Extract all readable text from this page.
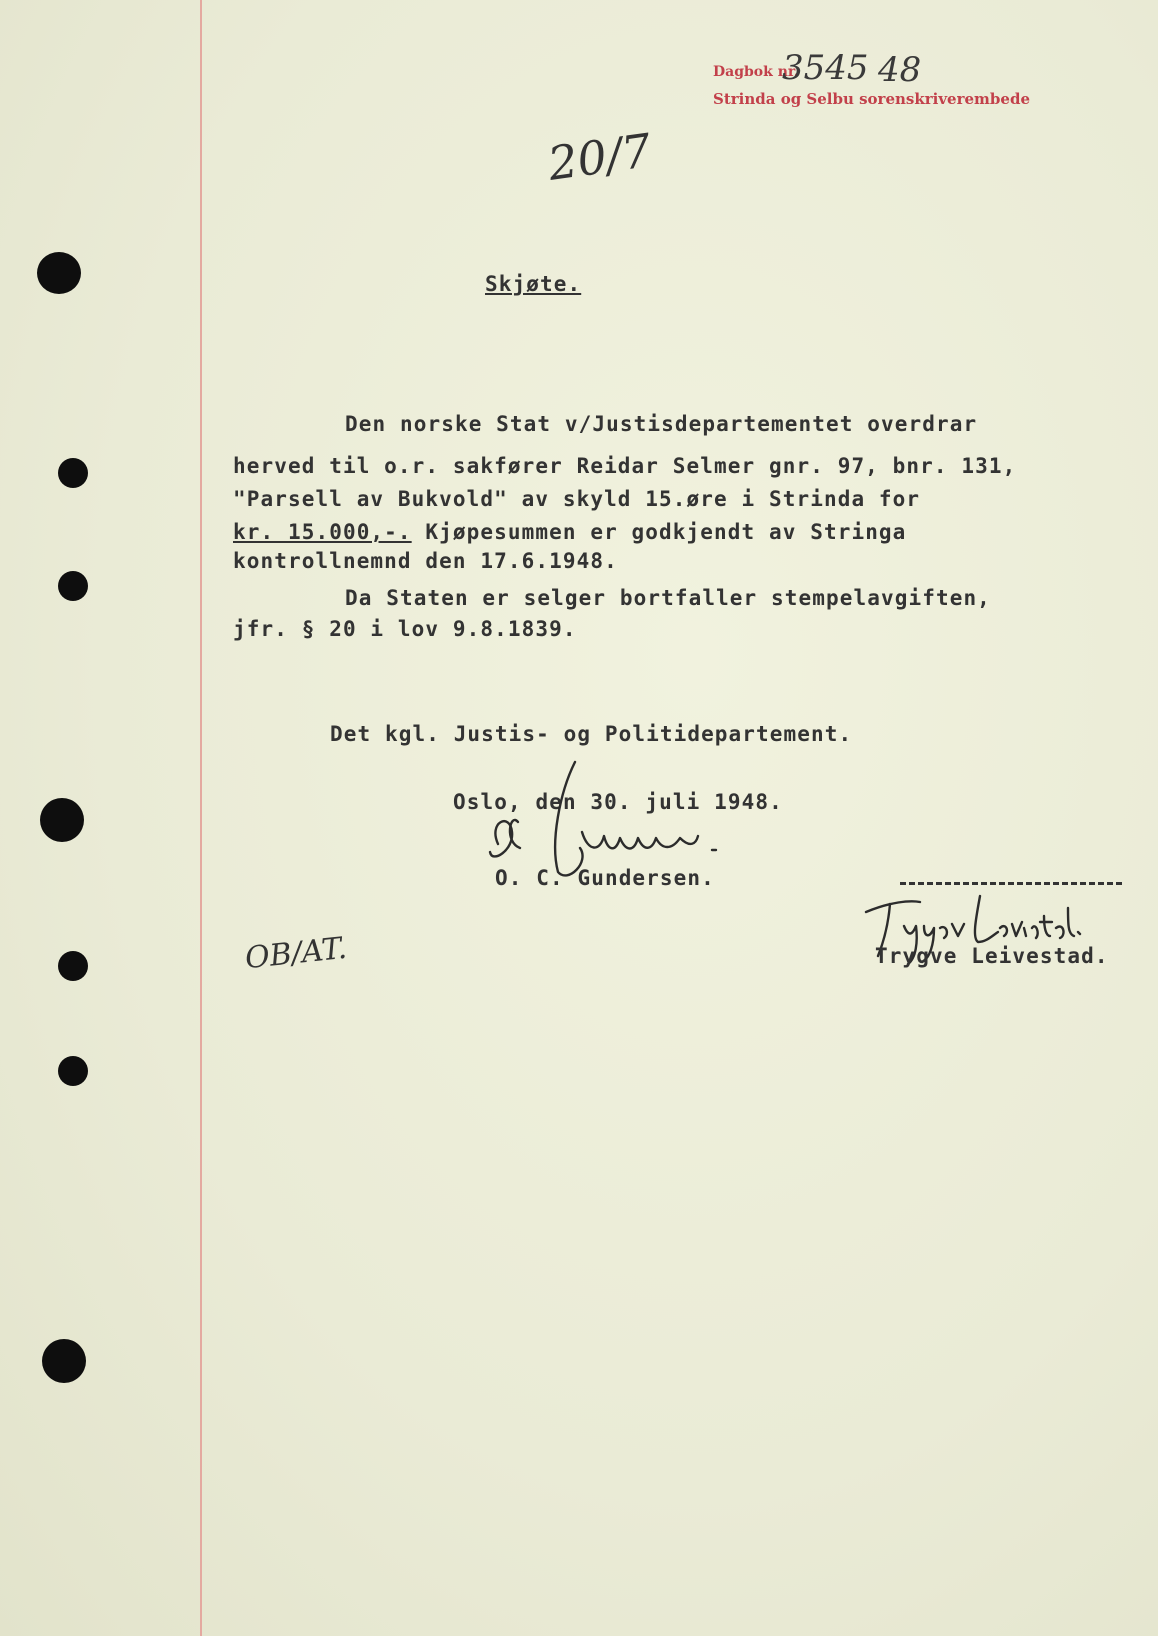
Dagbok nr.
3545 48
Strinda og Selbu sorenskriverembede
20/7
Skjøte.
Den norske Stat v/Justisdepartementet overdrar
herved til o.r. sakfører Reidar Selmer gnr. 97, bnr. 131,
"Parsell av Bukvold" av skyld 15.øre i Strinda for
kr. 15.000,-. Kjøpesummen er godkjendt av Stringa
kontrollnemnd den 17.6.1948.
Da Staten er selger bortfaller stempelavgiften,
jfr. § 20 i lov 9.8.1839.
Det kgl. Justis- og Politidepartement.
Oslo, den 30. juli 1948.
O. C. Gundersen.
Trygve Leivestad.
OB/AT.
